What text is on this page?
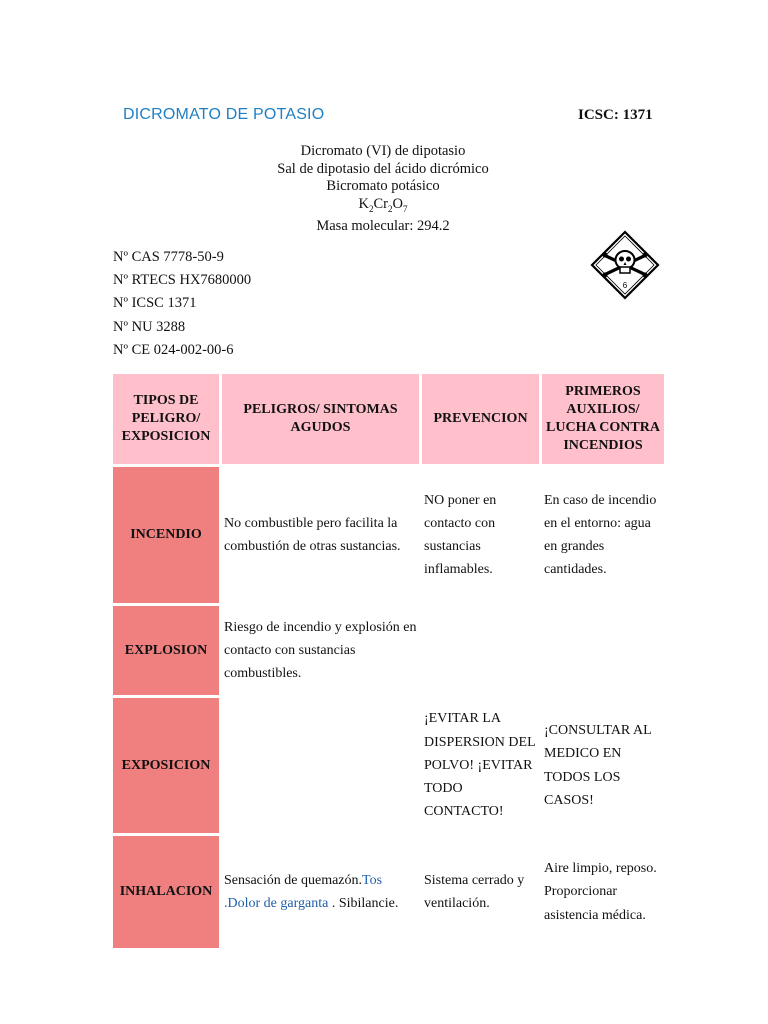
DICROMATO DE POTASIO	ICSC: 1371
Dicromato (VI) de dipotasio
Sal de dipotasio del ácido dicrómico
Bicromato potásico
$K_2Cr_2O_7$
Masa molecular: 294.2
Nº CAS 7778-50-9
Nº RTECS HX7680000
Nº ICSC 1371
Nº NU 3288
Nº CE 024-002-00-6
6
TIPOS DE PELIGRO/ EXPOSICION	PELIGROS/ SINTOMAS AGUDOS	PREVENCION	PRIMEROS AUXILIOS/ LUCHA CONTRA INCENDIOS
INCENDIO	No combustible pero facilita la combustión de otras sustancias.	NO poner en contacto con sustancias inflamables.	En caso de incendio en el entorno: agua en grandes cantidades.
EXPLOSION	Riesgo de incendio y explosión en contacto con sustancias combustibles.		
EXPOSICION		¡EVITAR LA DISPERSION DEL POLVO! ¡EVITAR TODO CONTACTO!	¡CONSULTAR AL MEDICO EN TODOS LOS CASOS!
INHALACION	Sensación de quemazón.Tos .Dolor de garganta . Sibilancie.	Sistema cerrado y ventilación.	Aire limpio, reposo. Proporcionar asistencia médica.
